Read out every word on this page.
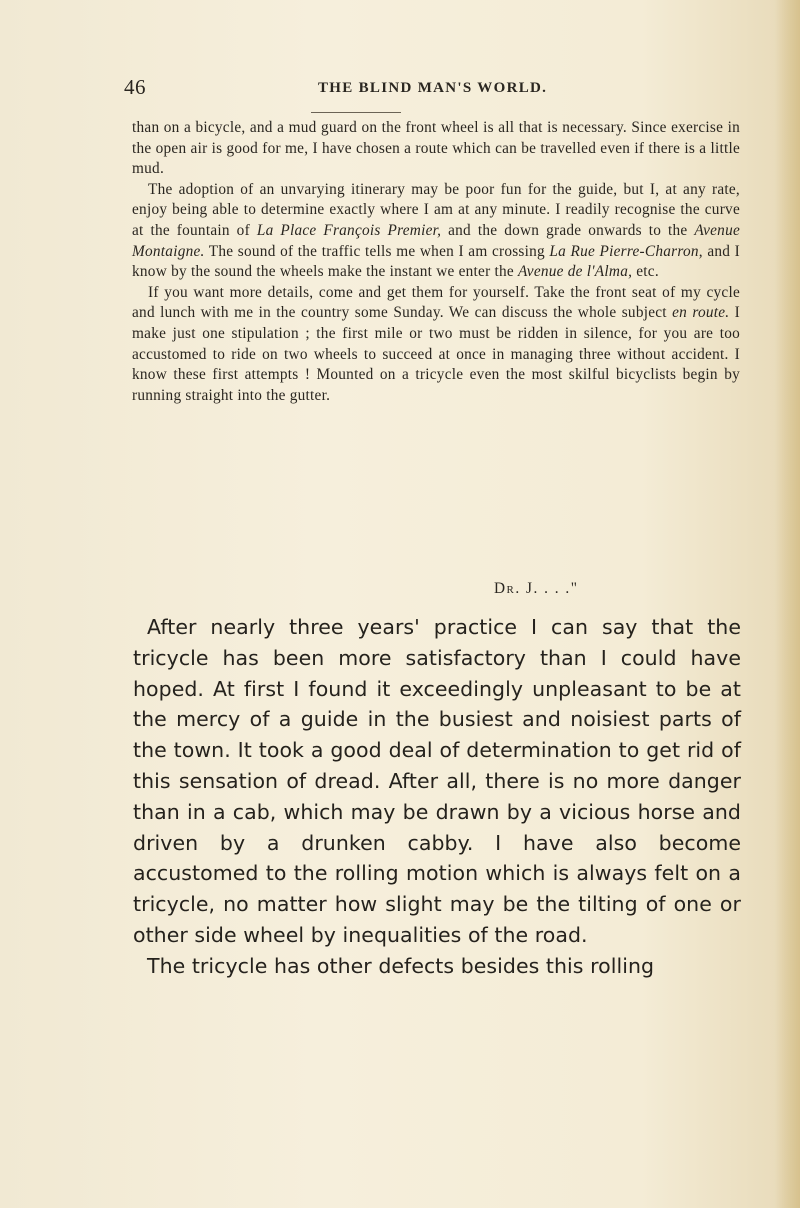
46	THE BLIND MAN'S WORLD.

than on a bicycle, and a mud guard on the front wheel is all that is necessary. Since exercise in the open air is good for me, I have chosen a route which can be travelled even if there is a little mud.

The adoption of an unvarying itinerary may be poor fun for the guide, but I, at any rate, enjoy being able to determine exactly where I am at any minute. I readily recognise the curve at the fountain of La Place François Premier, and the down grade onwards to the Avenue Montaigne. The sound of the traffic tells me when I am crossing La Rue Pierre-Charron, and I know by the sound the wheels make the instant we enter the Avenue de l'Alma, etc.

If you want more details, come and get them for yourself. Take the front seat of my cycle and lunch with me in the country some Sunday. We can discuss the whole subject en route. I make just one stipulation ; the first mile or two must be ridden in silence, for you are too accustomed to ride on two wheels to succeed at once in managing three without accident. I know these first attempts ! Mounted on a tricycle even the most skilful bicyclists begin by running straight into the gutter.

Dr. J. . . ."

After nearly three years' practice I can say that the tricycle has been more satisfactory than I could have hoped. At first I found it exceedingly unpleasant to be at the mercy of a guide in the busiest and noisiest parts of the town. It took a good deal of determination to get rid of this sensation of dread. After all, there is no more danger than in a cab, which may be drawn by a vicious horse and driven by a drunken cabby. I have also become accustomed to the rolling motion which is always felt on a tricycle, no matter how slight may be the tilting of one or other side wheel by inequalities of the road.

The tricycle has other defects besides this rolling
